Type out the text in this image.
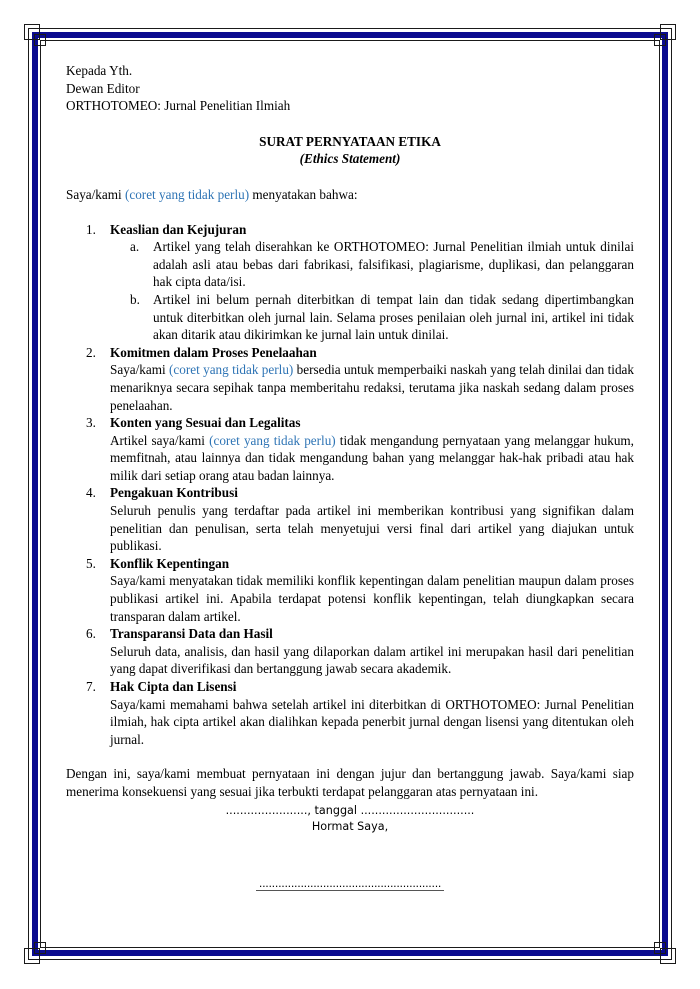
Kepada Yth.
Dewan Editor
ORTHOTOMEO: Jurnal Penelitian Ilmiah
SURAT PERNYATAAN ETIKA
(Ethics Statement)
Saya/kami (coret yang tidak perlu) menyatakan bahwa:
1. Keaslian dan Kejujuran
a. Artikel yang telah diserahkan ke ORTHOTOMEO: Jurnal Penelitian ilmiah untuk dinilai adalah asli atau bebas dari fabrikasi, falsifikasi, plagiarisme, duplikasi, dan pelanggaran hak cipta data/isi.
b. Artikel ini belum pernah diterbitkan di tempat lain dan tidak sedang dipertimbangkan untuk diterbitkan oleh jurnal lain. Selama proses penilaian oleh jurnal ini, artikel ini tidak akan ditarik atau dikirimkan ke jurnal lain untuk dinilai.
2. Komitmen dalam Proses Penelaahan
Saya/kami (coret yang tidak perlu) bersedia untuk memperbaiki naskah yang telah dinilai dan tidak menariknya secara sepihak tanpa memberitahu redaksi, terutama jika naskah sedang dalam proses penelaahan.
3. Konten yang Sesuai dan Legalitas
Artikel saya/kami (coret yang tidak perlu) tidak mengandung pernyataan yang melanggar hukum, memfitnah, atau lainnya dan tidak mengandung bahan yang melanggar hak-hak pribadi atau hak milik dari setiap orang atau badan lainnya.
4. Pengakuan Kontribusi
Seluruh penulis yang terdaftar pada artikel ini memberikan kontribusi yang signifikan dalam penelitian dan penulisan, serta telah menyetujui versi final dari artikel yang diajukan untuk publikasi.
5. Konflik Kepentingan
Saya/kami menyatakan tidak memiliki konflik kepentingan dalam penelitian maupun dalam proses publikasi artikel ini. Apabila terdapat potensi konflik kepentingan, telah diungkapkan secara transparan dalam artikel.
6. Transparansi Data dan Hasil
Seluruh data, analisis, dan hasil yang dilaporkan dalam artikel ini merupakan hasil dari penelitian yang dapat diverifikasi dan bertanggung jawab secara akademik.
7. Hak Cipta dan Lisensi
Saya/kami memahami bahwa setelah artikel ini diterbitkan di ORTHOTOMEO: Jurnal Penelitian ilmiah, hak cipta artikel akan dialihkan kepada penerbit jurnal dengan lisensi yang ditentukan oleh jurnal.
Dengan ini, saya/kami membuat pernyataan ini dengan jujur dan bertanggung jawab. Saya/kami siap menerima konsekuensi yang sesuai jika terbukti terdapat pelanggaran atas pernyataan ini.
......................., tanggal ................................
Hormat Saya,
.........................................................
